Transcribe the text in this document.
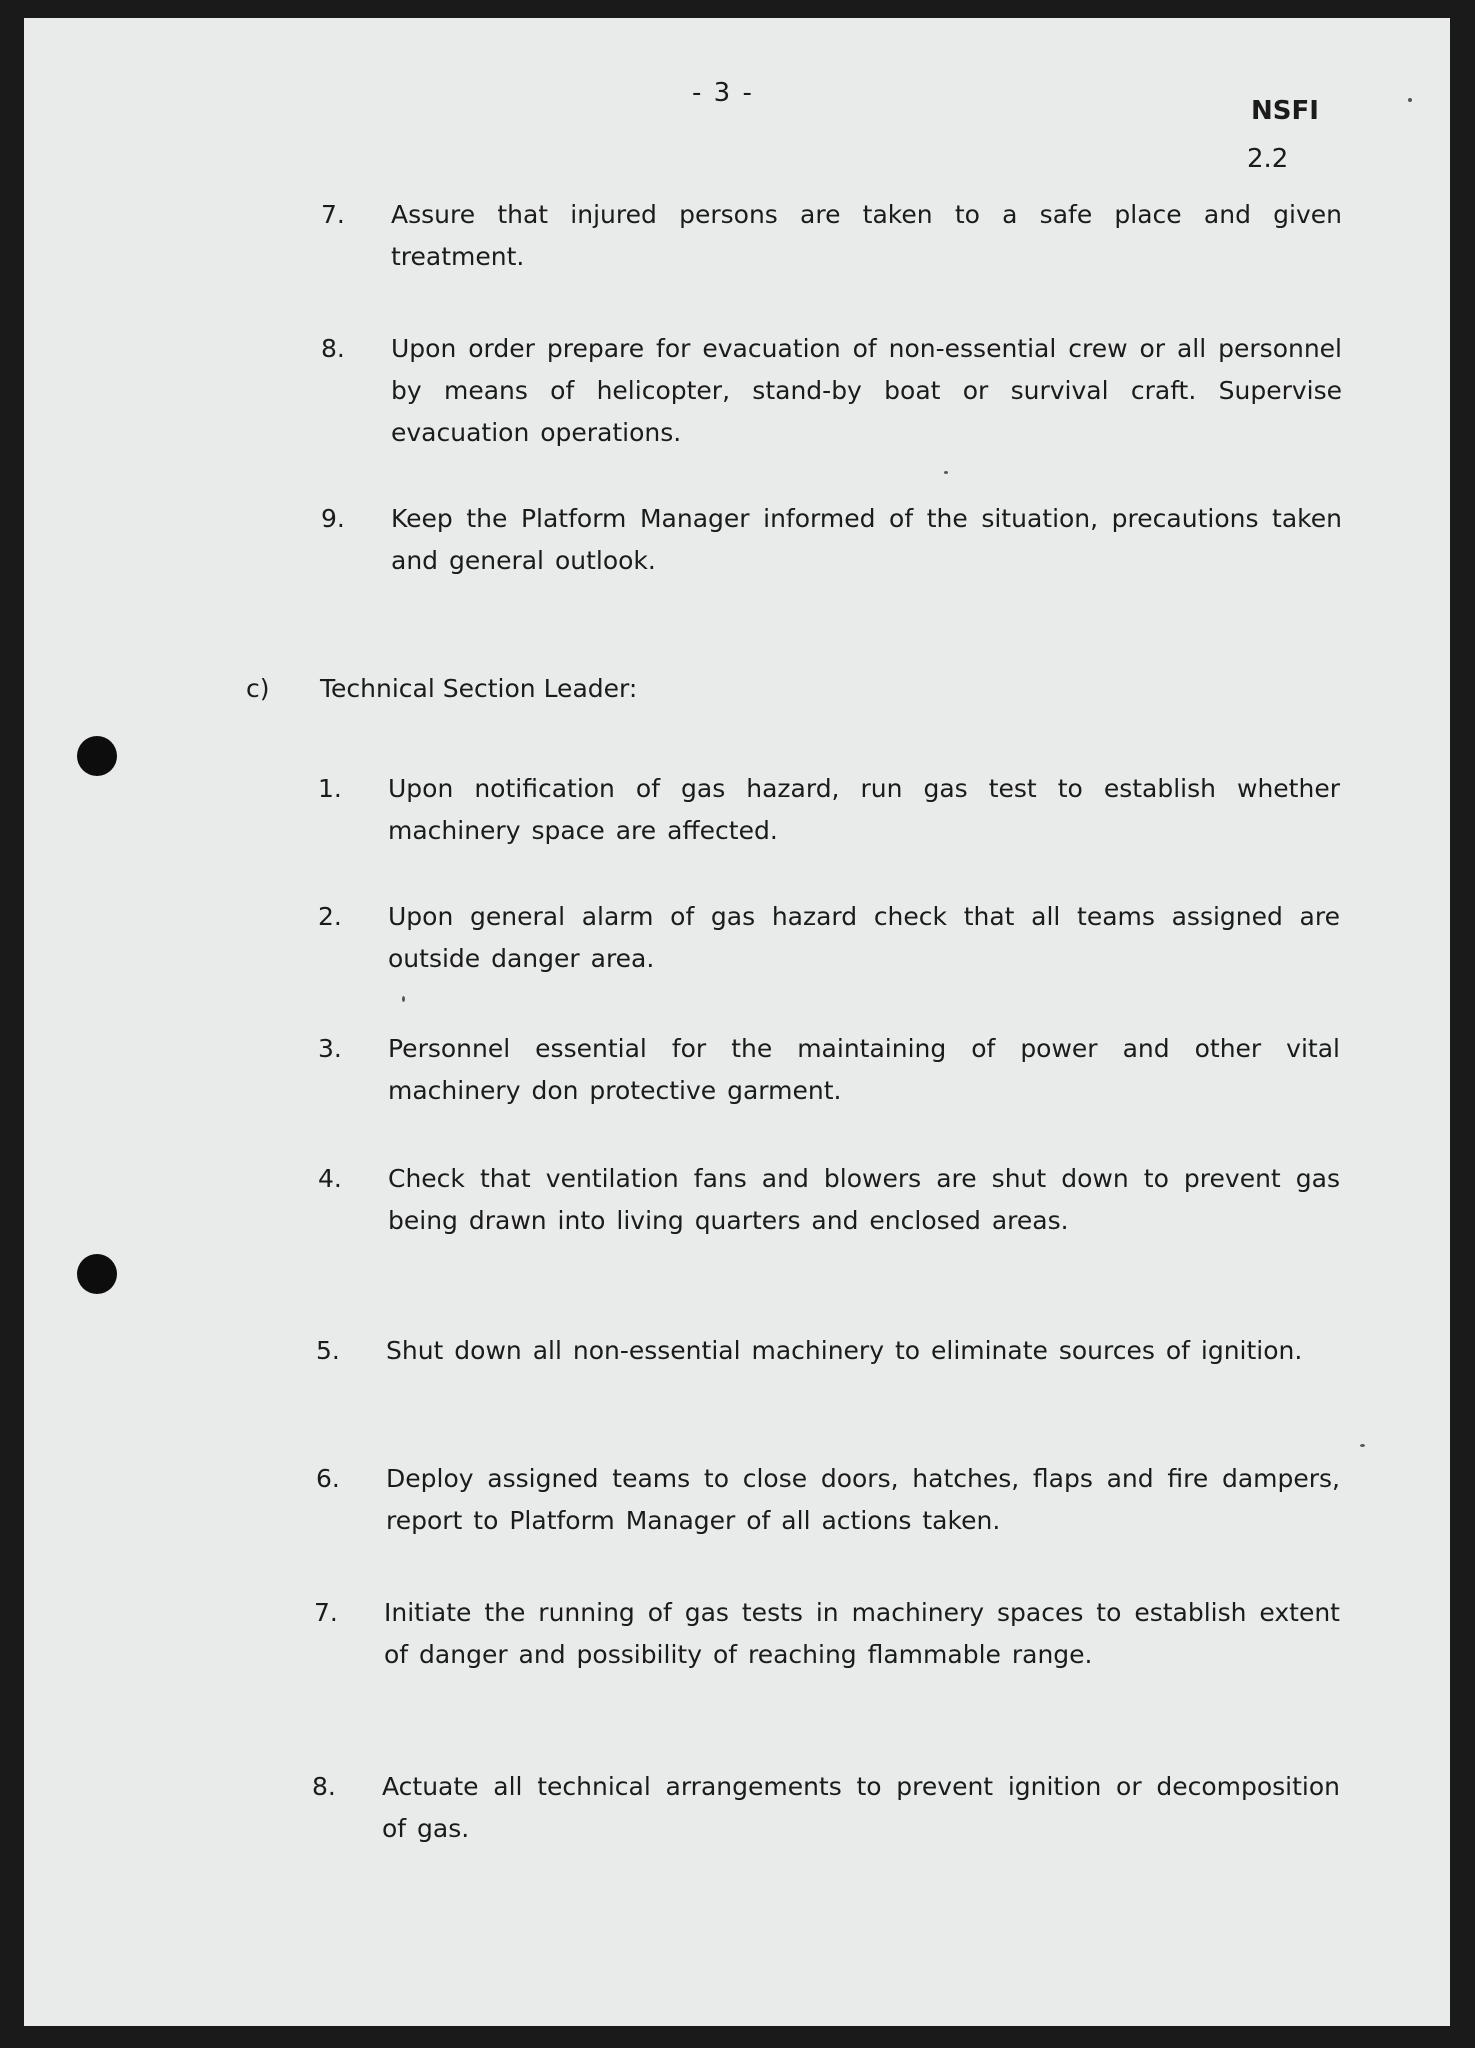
- 3 -
NSFI
2.2
7. Assure that injured persons are taken to a safe place and given treatment.
8. Upon order prepare for evacuation of non-essential crew or all personnel by means of helicopter, stand-by boat or survival craft. Supervise evacuation operations.
9. Keep the Platform Manager informed of the situation, precautions taken and general outlook.
c) Technical Section Leader:
1. Upon notification of gas hazard, run gas test to establish whether machinery space are affected.
2. Upon general alarm of gas hazard check that all teams assigned are outside danger area.
3. Personnel essential for the maintaining of power and other vital machinery don protective garment.
4. Check that ventilation fans and blowers are shut down to prevent gas being drawn into living quarters and enclosed areas.
5. Shut down all non-essential machinery to eliminate sources of ignition.
6. Deploy assigned teams to close doors, hatches, flaps and fire dampers, report to Platform Manager of all actions taken.
7. Initiate the running of gas tests in machinery spaces to establish extent of danger and possibility of reaching flammable range.
8. Actuate all technical arrangements to prevent ignition or decomposition of gas.
